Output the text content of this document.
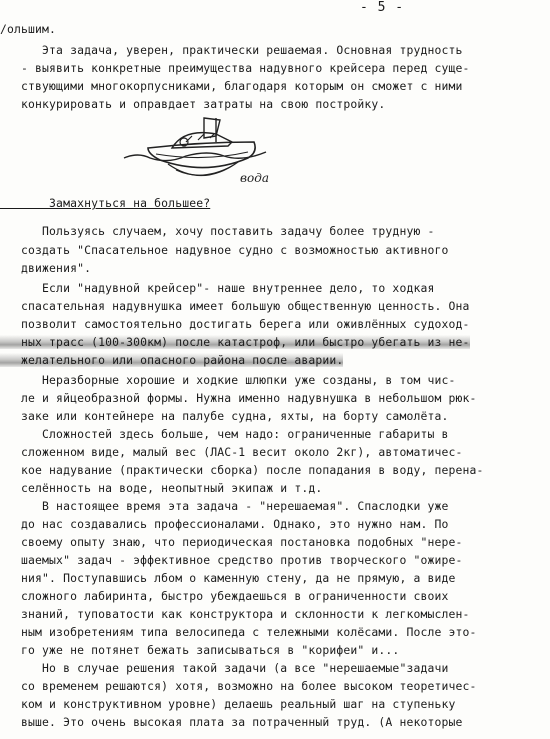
- 5 -
/ольшим.
Эта задача, уверен, практически решаемая. Основная трудность
- выявить конкретные преимущества надувного крейсера перед суще-
ствующими многокорпусниками, благодаря которым он сможет с ними
конкурировать и оправдает затраты на свою постройку.
вода
Замахнуться на большее?
Пользуясь случаем, хочу поставить задачу более трудную -
создать "Спасательное надувное судно с возможностью активного
движения".
Если "надувной крейсер"- наше внутреннее дело, то ходкая
спасательная надувнушка имеет большую общественную ценность. Она
позволит самостоятельно достигать берега или оживлённых судоход-
ных трасс (100-300км) после катастроф, или быстро убегать из не-
желательного или опасного района после аварии.
Неразборные хорошие и ходкие шлюпки уже созданы, в том чис-
ле и яйцеобразной формы. Нужна именно надувнушка в небольшом рюк-
заке или контейнере на палубе судна, яхты, на борту самолёта.
Сложностей здесь больше, чем надо: ограниченные габариты в
сложенном виде, малый вес (ЛАС-1 весит около 2кг), автоматичес-
кое надувание (практически сборка) после попадания в воду, перена-
селённость на воде, неопытный экипаж и т.д.
В настоящее время эта задача - "нерешаемая". Спаслодки уже
до нас создавались профессионалами. Однако, это нужно нам. По
своему опыту знаю, что периодическая постановка подобных "нере-
шаемых" задач - эффективное средство против творческого "ожире-
ния". Поступавшись лбом о каменную стену, да не прямую, а виде
сложного лабиринта, быстро убеждаешься в ограниченности своих
знаний, туповатости как конструктора и склонности к легкомыслен-
ным изобретениям типа велосипеда с тележными колёсами. После это-
го уже не потянет бежать записываться в "корифеи" и...
Но в случае решения такой задачи (а все "нерешаемые"задачи
со временем решаются) хотя, возможно на более высоком теоретичес-
ком и конструктивном уровне) делаешь реальный шаг на ступеньку
выше. Это очень высокая плата за потраченный труд. (А некоторые
